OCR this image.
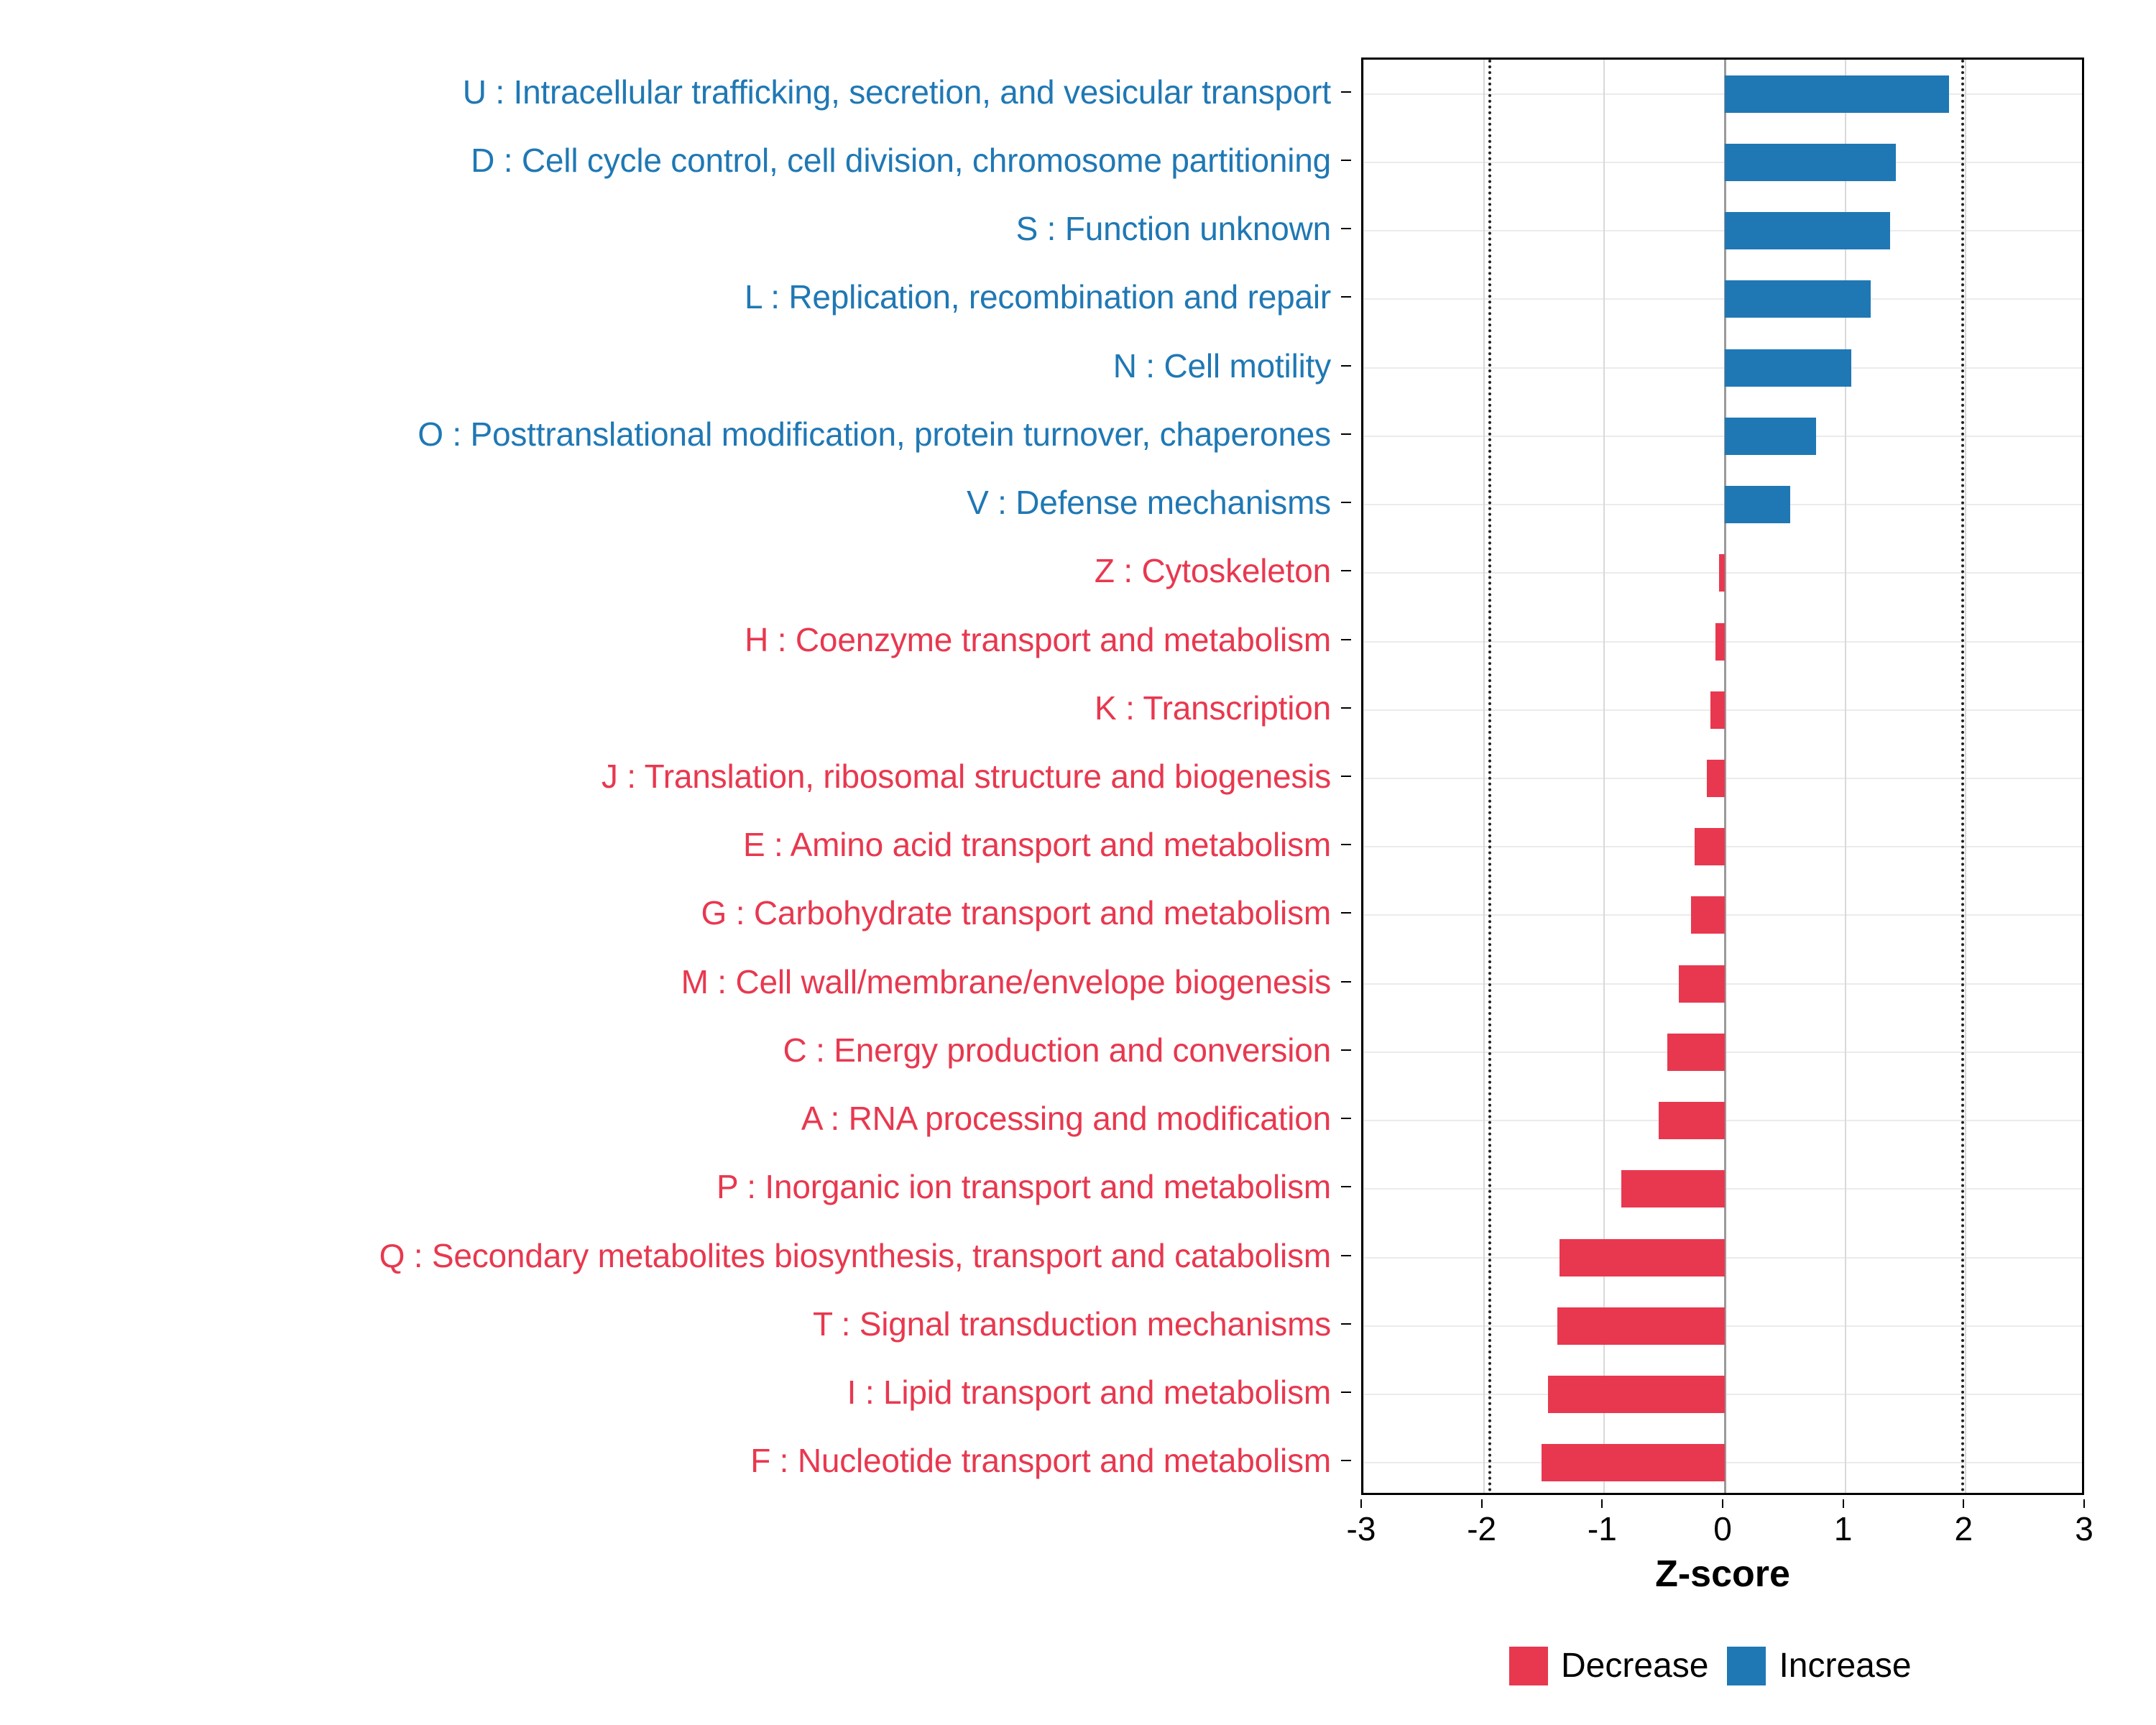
U : Intracellular trafficking, secretion, and vesicular transport
D : Cell cycle control, cell division, chromosome partitioning
S : Function unknown
L : Replication, recombination and repair
N : Cell motility
O : Posttranslational modification, protein turnover, chaperones
V : Defense mechanisms
Z : Cytoskeleton
H : Coenzyme transport and metabolism
K : Transcription
J : Translation, ribosomal structure and biogenesis
E : Amino acid transport and metabolism
G : Carbohydrate transport and metabolism
M : Cell wall/membrane/envelope biogenesis
C : Energy production and conversion
A : RNA processing and modification
P : Inorganic ion transport and metabolism
Q : Secondary metabolites biosynthesis, transport and catabolism
T : Signal transduction mechanisms
I : Lipid transport and metabolism
F : Nucleotide transport and metabolism
-3	-2	-1	0	1	2	3
Z-score
Decrease Increase
